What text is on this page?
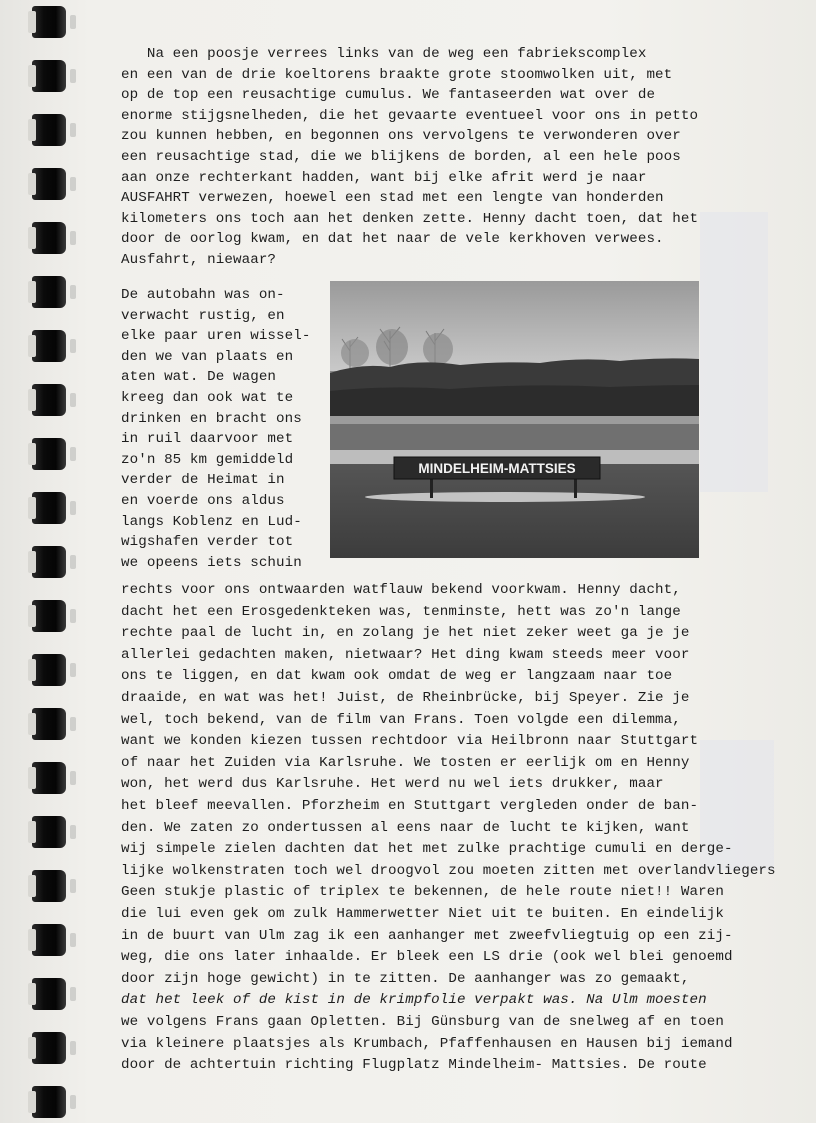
Na een poosje verrees links van de weg een fabriekscomplex
en een van de drie koeltorens braakte grote stoomwolken uit, met
op de top een reusachtige cumulus. We fantaseerden wat over de
enorme stijgsnelheden, die het gevaarte eventueel voor ons in petto
zou kunnen hebben, en begonnen ons vervolgens te verwonderen over
een reusachtige stad, die we blijkens de borden, al een hele poos
aan onze rechterkant hadden, want bij elke afrit werd je naar
AUSFAHRT verwezen, hoewel een stad met een lengte van honderden
kilometers ons toch aan het denken zette. Henny dacht toen, dat het
door de oorlog kwam, en dat het naar de vele kerkhoven verwees.
Ausfahrt, niewaar?
MINDELHEIM-MATTSIES
De autobahn was on-
verwacht rustig, en
elke paar uren wissel-
den we van plaats en
aten wat. De wagen
kreeg dan ook wat te
drinken en bracht ons
in ruil daarvoor met
zo'n 85 km gemiddeld
verder de Heimat in
en voerde ons aldus
langs Koblenz en Lud-
wigshafen verder tot
we opeens iets schuin
rechts voor ons ontwaarden watflauw bekend voorkwam. Henny dacht,
dacht het een Erosgedenkteken was, tenminste, hett was zo'n lange
rechte paal de lucht in, en zolang je het niet zeker weet ga je je
allerlei gedachten maken, nietwaar? Het ding kwam steeds meer voor
ons te liggen, en dat kwam ook omdat de weg er langzaam naar toe
draaide, en wat was het! Juist, de Rheinbrücke, bij Speyer. Zie je
wel, toch bekend, van de film van Frans. Toen volgde een dilemma,
want we konden kiezen tussen rechtdoor via Heilbronn naar Stuttgart
of naar het Zuiden via Karlsruhe. We tosten er eerlijk om en Henny
won, het werd dus Karlsruhe. Het werd nu wel iets drukker, maar
het bleef meevallen. Pforzheim en Stuttgart vergleden onder de ban-
den. We zaten zo ondertussen al eens naar de lucht te kijken, want
wij simpele zielen dachten dat het met zulke prachtige cumuli en derge-
lijke wolkenstraten toch wel droogvol zou moeten zitten met overlandvliegers
Geen stukje plastic of triplex te bekennen, de hele route niet!! Waren
die lui even gek om zulk Hammerwetter Niet uit te buiten. En eindelijk
in de buurt van Ulm zag ik een aanhanger met zweefvliegtuig op een zij-
weg, die ons later inhaalde. Er bleek een LS drie (ook wel blei genoemd
door zijn hoge gewicht) in te zitten. De aanhanger was zo gemaakt,
dat het leek of de kist in de krimpfolie verpakt was. Na Ulm moesten
we volgens Frans gaan Opletten. Bij Günsburg van de snelweg af en toen
via kleinere plaatsjes als Krumbach, Pfaffenhausen en Hausen bij iemand
door de achtertuin richting Flugplatz Mindelheim- Mattsies. De route
